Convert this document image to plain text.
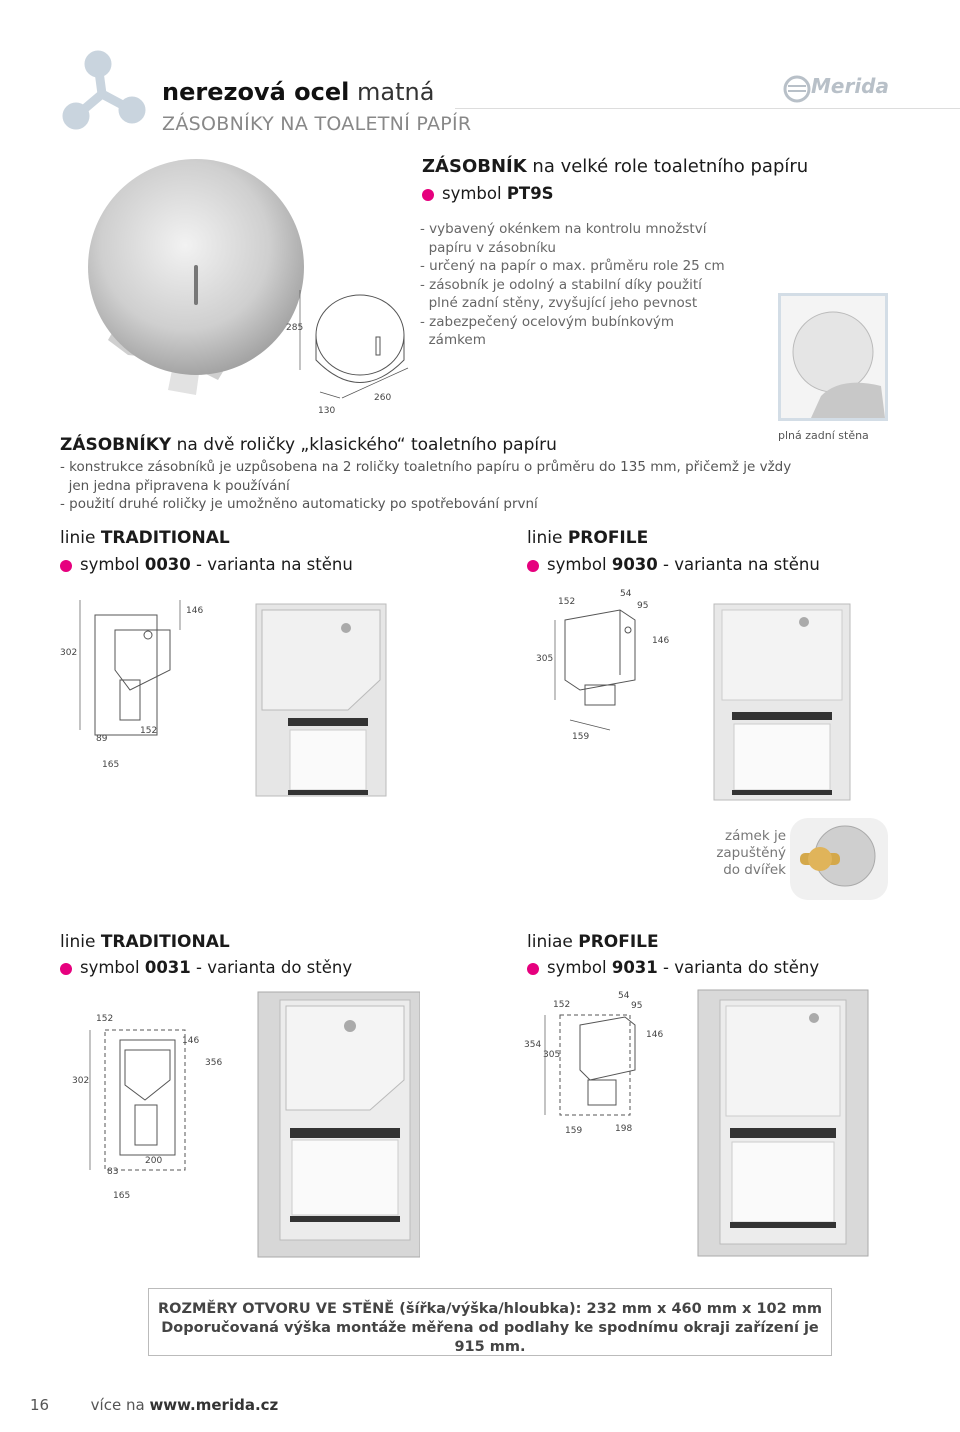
nerezová ocel matná
ZÁSOBNÍKY NA TOALETNÍ PAPÍR
Merida
285
130
260
ZÁSOBNÍK na velké role toaletního papíru
symbol PT9S
- vybavený okénkem na kontrolu množství
papíru v zásobníku
- určený na papír o max. průměru role 25 cm
- zásobník je odolný a stabilní díky použití
plné zadní stěny, zvyšující jeho pevnost
- zabezpečený ocelovým bubínkovým
zámkem
plná zadní stěna
ZÁSOBNÍKY na dvě roličky „klasického“ toaletního papíru
- konstrukce zásobníků je uzpůsobena na 2 roličky toaletního papíru o průměru do 135 mm, přičemž je vždy
jen jedna připravena k používání
- použití druhé roličky je umožněno automaticky po spotřebování první
linie TRADITIONAL
symbol 0030 - varianta na stěnu
146
302
89
152
165
linie PROFILE
symbol 9030 - varianta na stěnu
152
54
95
146
305
159
zámek je
zapuštěný
do dvířek
linie TRADITIONAL
symbol 0031 - varianta do stěny
152
146
356
302
83
200
165
liniae PROFILE
symbol 9031 - varianta do stěny
152
54
95
146
354
305
159	198
ROZMĚRY OTVORU VE STĚNĚ (šířka/výška/hloubka): 232 mm x 460 mm x 102 mm
Doporučovaná výška montáže měřena od podlahy ke spodnímu okraji zařízení je 915 mm.
16	více na www.merida.cz
